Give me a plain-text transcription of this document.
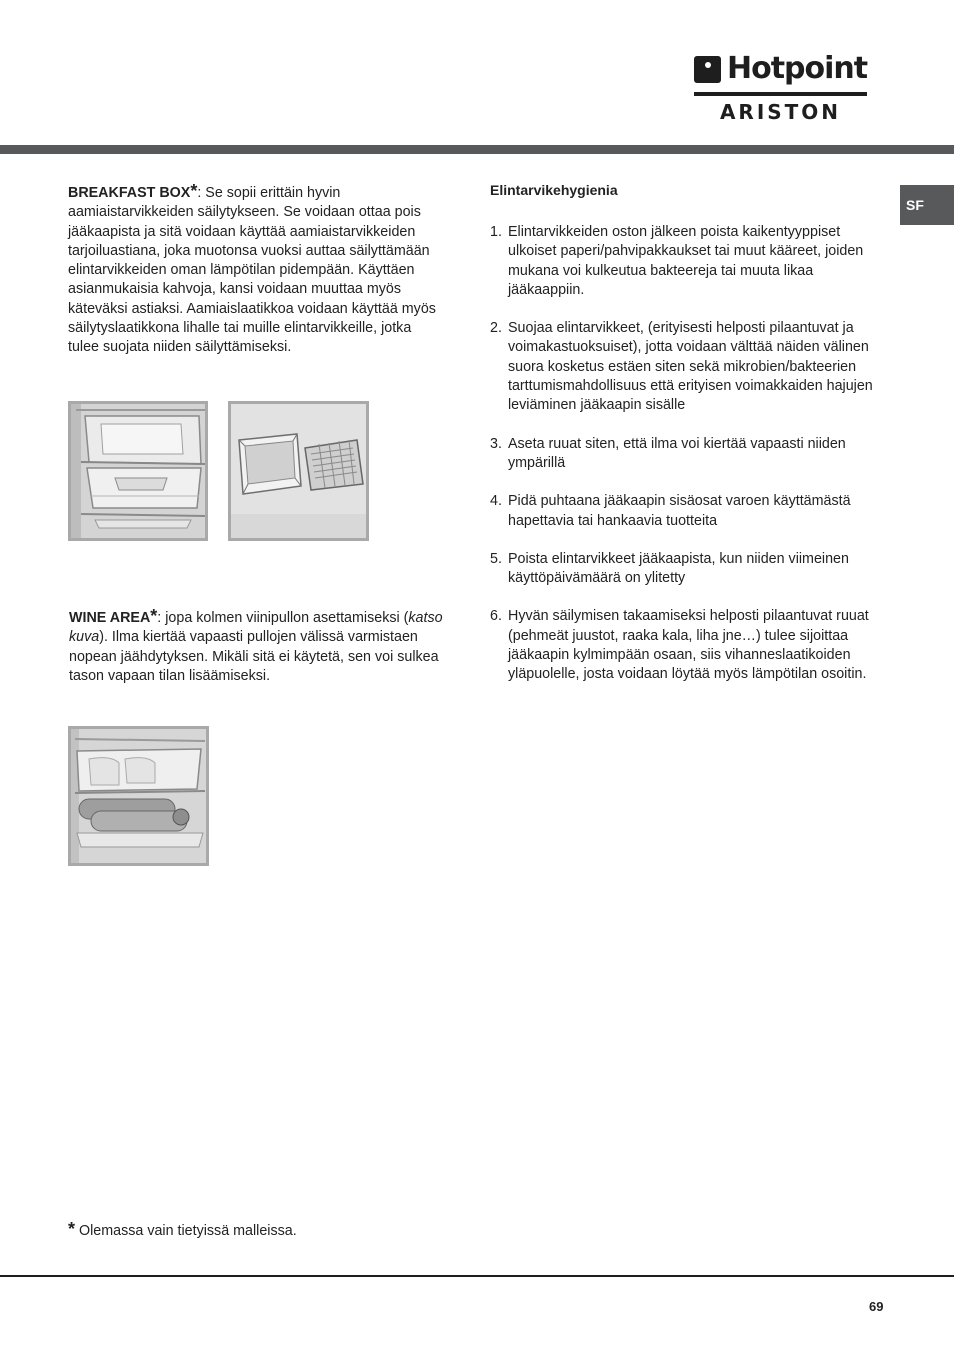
Hotpoint
ARISTON
SF

BREAKFAST BOX*: Se sopii erittäin hyvin aamiaistarvikkeiden säilytykseen. Se voidaan ottaa pois jääkaapista ja sitä voidaan käyttää aamiaistarvikkeiden tarjoiluastiana, joka muotonsa vuoksi auttaa säilyttämään elintarvikkeiden oman lämpötilan pidempään. Käyttäen asianmukaisia kahvoja, kansi voidaan muuttaa myös käteväksi astiaksi. Aamiaislaatikkoa voidaan käyttää myös säilytyslaatikkona lihalle tai muille elintarvikkeille, jotka tulee suojata niiden säilyttämiseksi.

WINE AREA*: jopa kolmen viinipullon asettamiseksi (katso kuva). Ilma kiertää vapaasti pullojen välissä varmistaen nopean jäähdytyksen. Mikäli sitä ei käytetä, sen voi sulkea tason vapaan tilan lisäämiseksi.

Elintarvikehygienia
1. Elintarvikkeiden oston jälkeen poista kaikentyyppiset ulkoiset paperi/pahvipakkaukset tai muut kääreet, joiden mukana voi kulkeutua bakteereja tai muuta likaa jääkaappiin.
2. Suojaa elintarvikkeet, (erityisesti helposti pilaantuvat ja voimakastuoksuiset), jotta voidaan välttää näiden välinen suora kosketus estäen siten sekä mikrobien/bakteerien tarttumismahdollisuus että erityisen voimakkaiden hajujen leviäminen jääkaapin sisälle
3. Aseta ruuat siten, että ilma voi kiertää vapaasti niiden ympärillä
4. Pidä puhtaana jääkaapin sisäosat varoen käyttämästä hapettavia tai hankaavia tuotteita
5. Poista elintarvikkeet jääkaapista, kun niiden viimeinen käyttöpäivämäärä on ylitetty
6. Hyvän säilymisen takaamiseksi helposti pilaantuvat ruuat (pehmeät juustot, raaka kala, liha jne…) tulee sijoittaa jääkaapin kylmimpään osaan, siis vihanneslaatikoiden yläpuolelle, josta voidaan löytää myös lämpötilan osoitin.
* Olemassa vain tietyissä malleissa.
69
